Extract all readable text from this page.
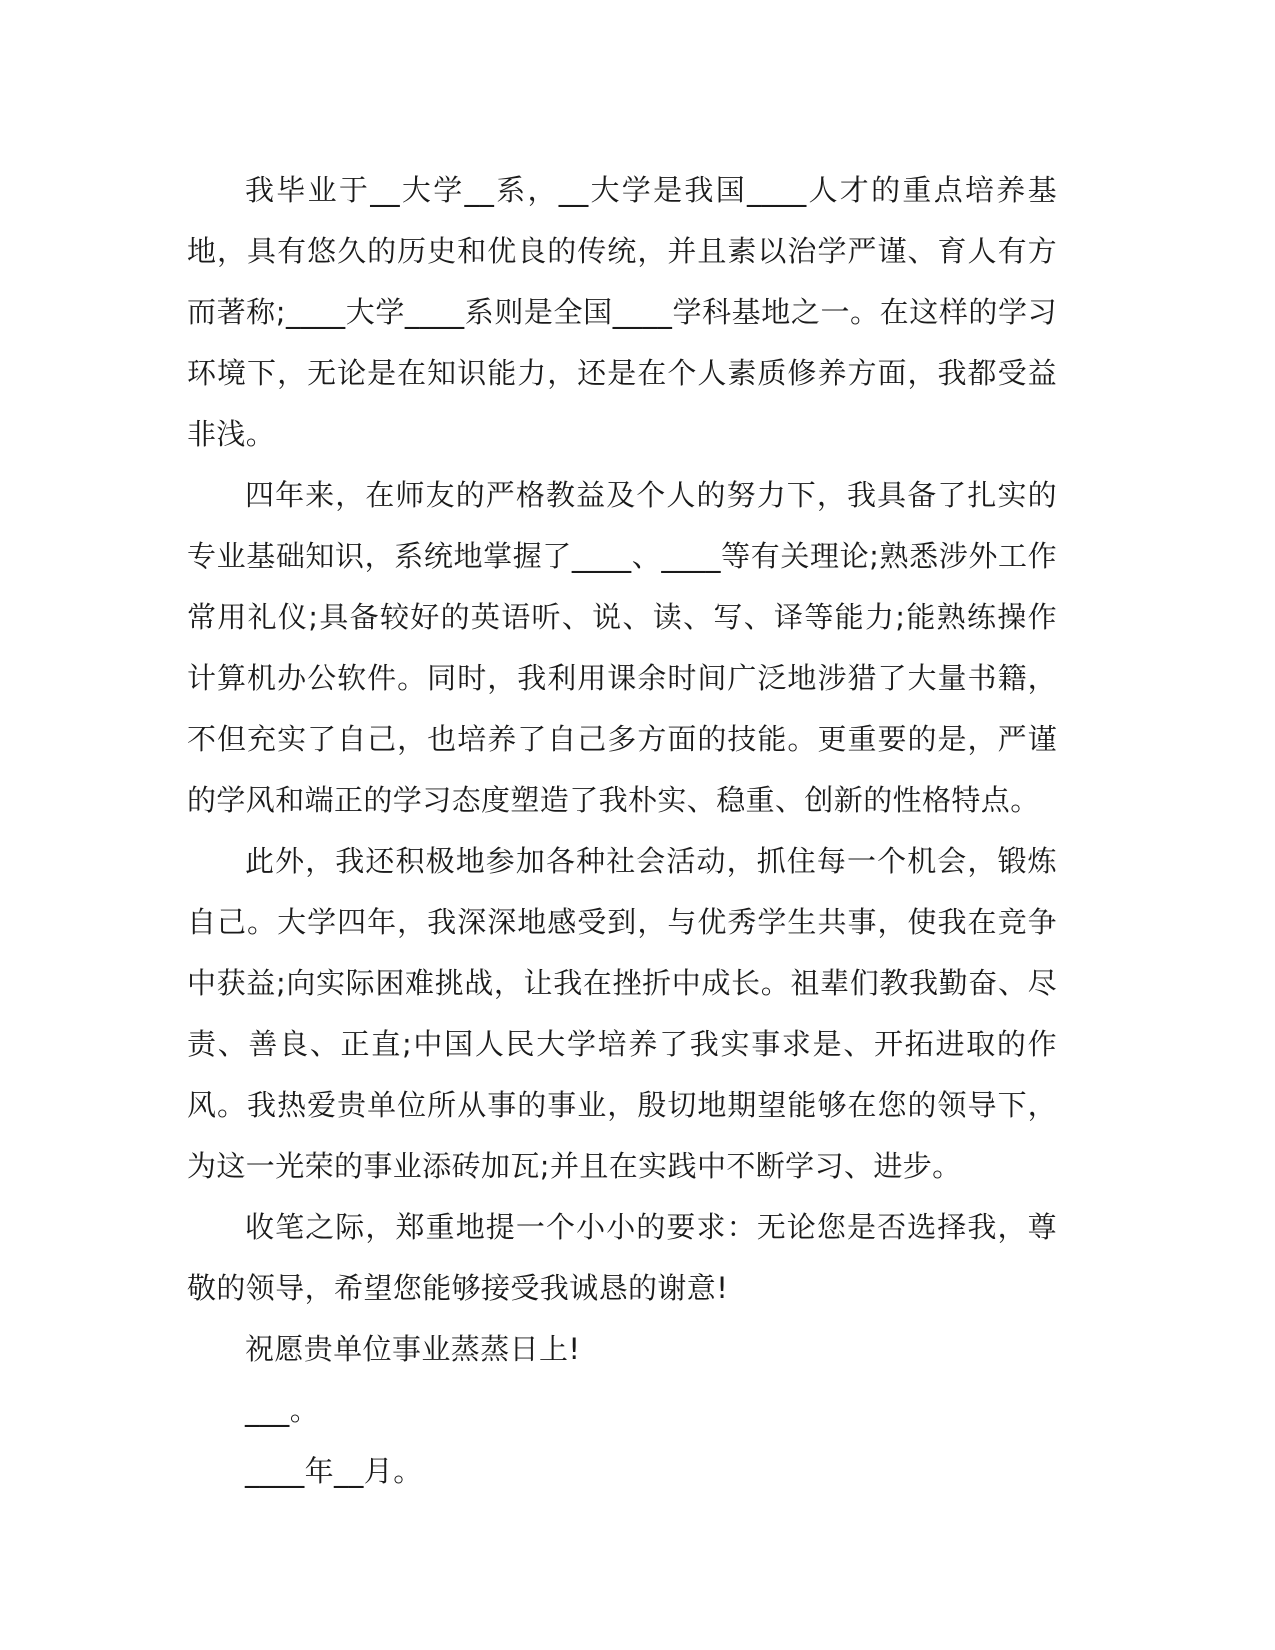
我毕业于__大学__系，__大学是我国____人才的重点培养基地，具有悠久的历史和优良的传统，并且素以治学严谨、育人有方而著称;____大学____系则是全国____学科基地之一。在这样的学习环境下，无论是在知识能力，还是在个人素质修养方面，我都受益非浅。

四年来，在师友的严格教益及个人的努力下，我具备了扎实的专业基础知识，系统地掌握了____、____等有关理论;熟悉涉外工作常用礼仪;具备较好的英语听、说、读、写、译等能力;能熟练操作计算机办公软件。同时，我利用课余时间广泛地涉猎了大量书籍，不但充实了自己，也培养了自己多方面的技能。更重要的是，严谨的学风和端正的学习态度塑造了我朴实、稳重、创新的性格特点。

此外，我还积极地参加各种社会活动，抓住每一个机会，锻炼自己。大学四年，我深深地感受到，与优秀学生共事，使我在竞争中获益;向实际困难挑战，让我在挫折中成长。祖辈们教我勤奋、尽责、善良、正直;中国人民大学培养了我实事求是、开拓进取的作风。我热爱贵单位所从事的事业，殷切地期望能够在您的领导下，为这一光荣的事业添砖加瓦;并且在实践中不断学习、进步。

收笔之际，郑重地提一个小小的要求：无论您是否选择我，尊敬的领导，希望您能够接受我诚恳的谢意!

祝愿贵单位事业蒸蒸日上!

___。

____年__月。
